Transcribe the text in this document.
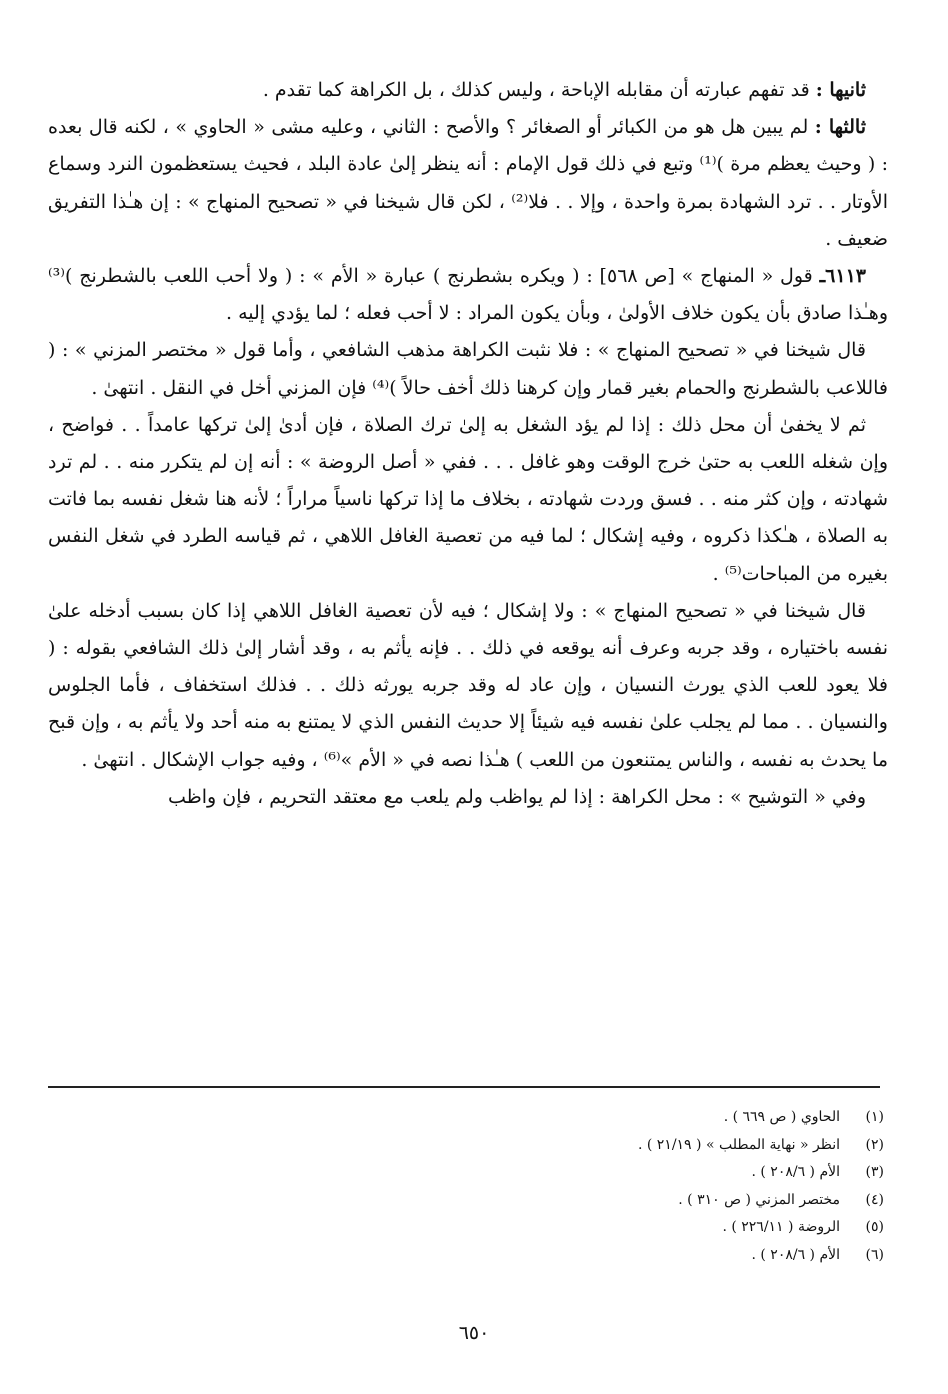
ثانيها : قد تفهم عبارته أن مقابله الإباحة ، وليس كذلك ، بل الكراهة كما تقدم .

ثالثها : لم يبين هل هو من الكبائر أو الصغائر ؟ والأصح : الثاني ، وعليه مشى « الحاوي » ، لكنه قال بعده : ( وحيث يعظم مرة )⁽¹⁾ وتبع في ذلك قول الإمام : أنه ينظر إلىٰ عادة البلد ، فحيث يستعظمون النرد وسماع الأوتار . . ترد الشهادة بمرة واحدة ، وإلا . . فلا⁽²⁾ ، لكن قال شيخنا في « تصحيح المنهاج » : إن هـٰذا التفريق ضعيف .

٦١١٣ـ قول « المنهاج » [ص ٥٦٨] : ( ويكره بشطرنج ) عبارة « الأم » : ( ولا أحب اللعب بالشطرنج )⁽³⁾ وهـٰذا صادق بأن يكون خلاف الأولىٰ ، وبأن يكون المراد : لا أحب فعله ؛ لما يؤدي إليه .

قال شيخنا في « تصحيح المنهاج » : فلا نثبت الكراهة مذهب الشافعي ، وأما قول « مختصر المزني » : ( فاللاعب بالشطرنج والحمام بغير قمار وإن كرهنا ذلك أخف حالاً )⁽⁴⁾ فإن المزني أخل في النقل . انتهىٰ .

ثم لا يخفىٰ أن محل ذلك : إذا لم يؤد الشغل به إلىٰ ترك الصلاة ، فإن أدىٰ إلىٰ تركها عامداً . . فواضح ، وإن شغله اللعب به حتىٰ خرج الوقت وهو غافل . . . ففي « أصل الروضة » : أنه إن لم يتكرر منه . . لم ترد شهادته ، وإن كثر منه . . فسق وردت شهادته ، بخلاف ما إذا تركها ناسياً مراراً ؛ لأنه هنا شغل نفسه بما فاتت به الصلاة ، هـٰكذا ذكروه ، وفيه إشكال ؛ لما فيه من تعصية الغافل اللاهي ، ثم قياسه الطرد في شغل النفس بغيره من المباحات⁽⁵⁾ .

قال شيخنا في « تصحيح المنهاج » : ولا إشكال ؛ فيه لأن تعصية الغافل اللاهي إذا كان بسبب أدخله علىٰ نفسه باختياره ، وقد جربه وعرف أنه يوقعه في ذلك . . فإنه يأثم به ، وقد أشار إلىٰ ذلك الشافعي بقوله : ( فلا يعود للعب الذي يورث النسيان ، وإن عاد له وقد جربه يورثه ذلك . . فذلك استخفاف ، فأما الجلوس والنسيان . . مما لم يجلب علىٰ نفسه فيه شيئاً إلا حديث النفس الذي لا يمتنع به منه أحد ولا يأثم به ، وإن قبح ما يحدث به نفسه ، والناس يمتنعون من اللعب ) هـٰذا نصه في « الأم »⁽⁶⁾ ، وفيه جواب الإشكال . انتهىٰ .

وفي « التوشيح » : محل الكراهة : إذا لم يواظب ولم يلعب مع معتقد التحريم ، فإن واظب

(١)
الحاوي ( ص ٦٦٩ ) .
(٢)
انظر « نهاية المطلب » ( ٢١/١٩ ) .
(٣)
الأم ( ٢٠٨/٦ ) .
(٤)
مختصر المزني ( ص ٣١٠ ) .
(٥)
الروضة ( ٢٢٦/١١ ) .
(٦)
الأم ( ٢٠٨/٦ ) .
٦٥٠
